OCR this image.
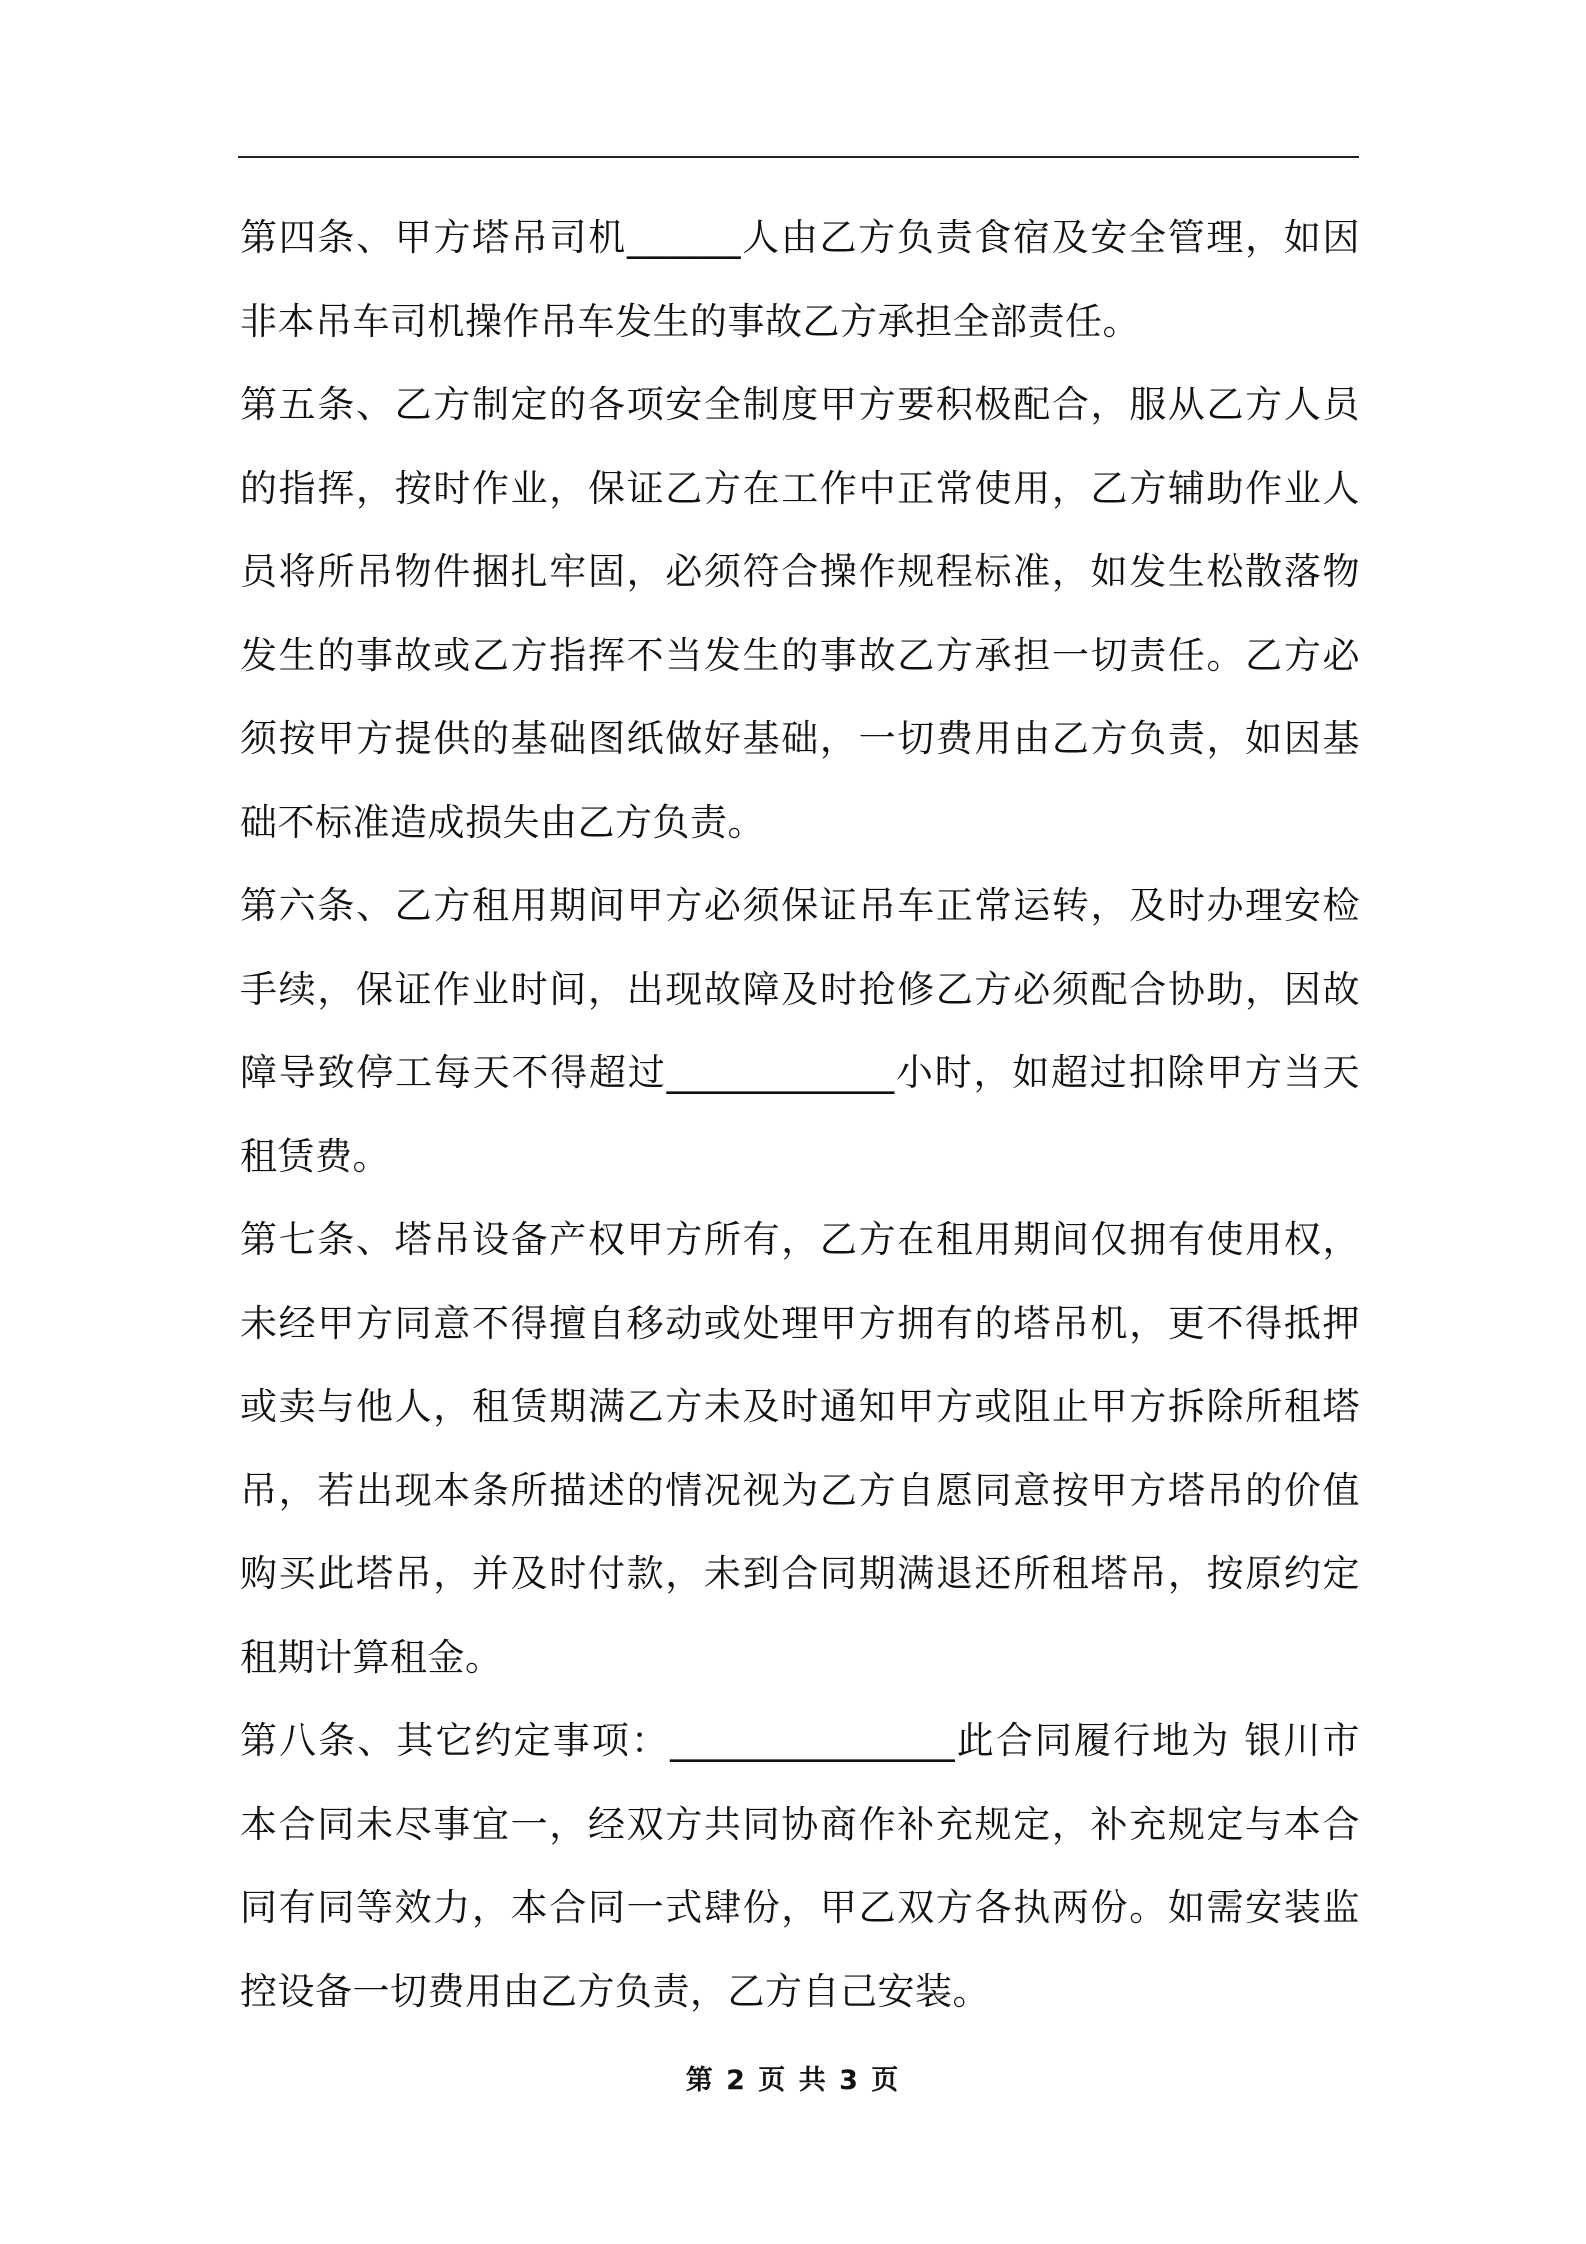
第四条、甲方塔吊司机______人由乙方负责食宿及安全管理，如因非本吊车司机操作吊车发生的事故乙方承担全部责任。

第五条、乙方制定的各项安全制度甲方要积极配合，服从乙方人员的指挥，按时作业，保证乙方在工作中正常使用，乙方辅助作业人员将所吊物件捆扎牢固，必须符合操作规程标准，如发生松散落物发生的事故或乙方指挥不当发生的事故乙方承担一切责任。乙方必须按甲方提供的基础图纸做好基础，一切费用由乙方负责，如因基础不标准造成损失由乙方负责。

第六条、乙方租用期间甲方必须保证吊车正常运转，及时办理安检手续，保证作业时间，出现故障及时抢修乙方必须配合协助，因故障导致停工每天不得超过____________小时，如超过扣除甲方当天租赁费。

第七条、塔吊设备产权甲方所有，乙方在租用期间仅拥有使用权，未经甲方同意不得擅自移动或处理甲方拥有的塔吊机，更不得抵押或卖与他人，租赁期满乙方未及时通知甲方或阻止甲方拆除所租塔吊，若出现本条所描述的情况视为乙方自愿同意按甲方塔吊的价值购买此塔吊，并及时付款，未到合同期满退还所租塔吊，按原约定租期计算租金。

第八条、其它约定事项：_______________此合同履行地为 银川市本合同未尽事宜一，经双方共同协商作补充规定，补充规定与本合同有同等效力，本合同一式肆份，甲乙双方各执两份。如需安装监控设备一切费用由乙方负责，乙方自己安装。

第 2 页 共 3 页
